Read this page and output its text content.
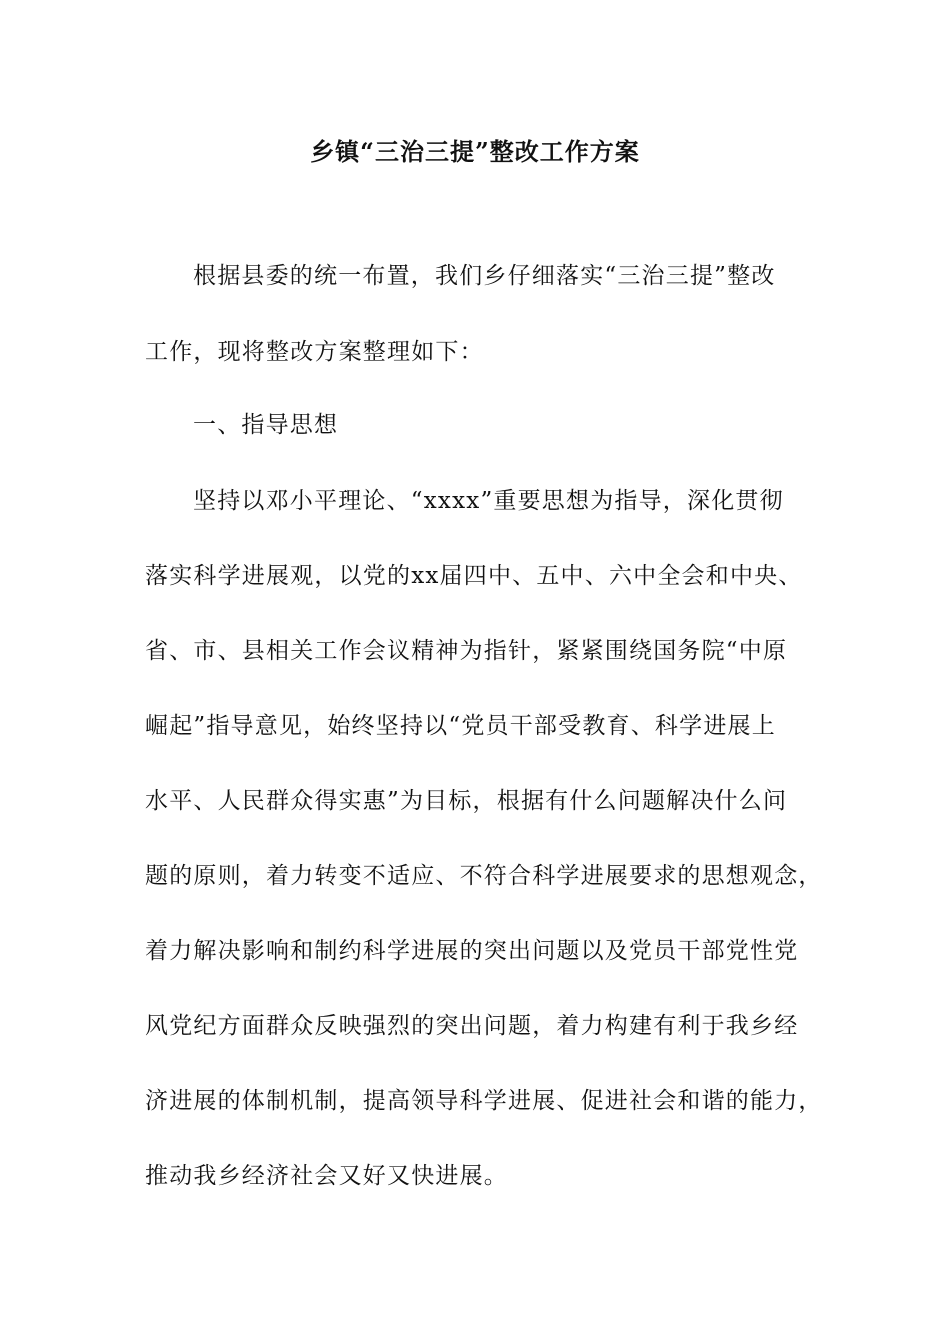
乡镇“三治三提”整改工作方案
根据县委的统一布置，我们乡仔细落实“三治三提”整改
工作，现将整改方案整理如下：
一、指导思想
坚持以邓小平理论、“xxxx”重要思想为指导，深化贯彻
落实科学进展观，以党的xx届四中、五中、六中全会和中央、
省、市、县相关工作会议精神为指针，紧紧围绕国务院“中原
崛起”指导意见，始终坚持以“党员干部受教育、科学进展上
水平、人民群众得实惠”为目标，根据有什么问题解决什么问
题的原则，着力转变不适应、不符合科学进展要求的思想观念，
着力解决影响和制约科学进展的突出问题以及党员干部党性党
风党纪方面群众反映强烈的突出问题，着力构建有利于我乡经
济进展的体制机制，提高领导科学进展、促进社会和谐的能力，
推动我乡经济社会又好又快进展。
